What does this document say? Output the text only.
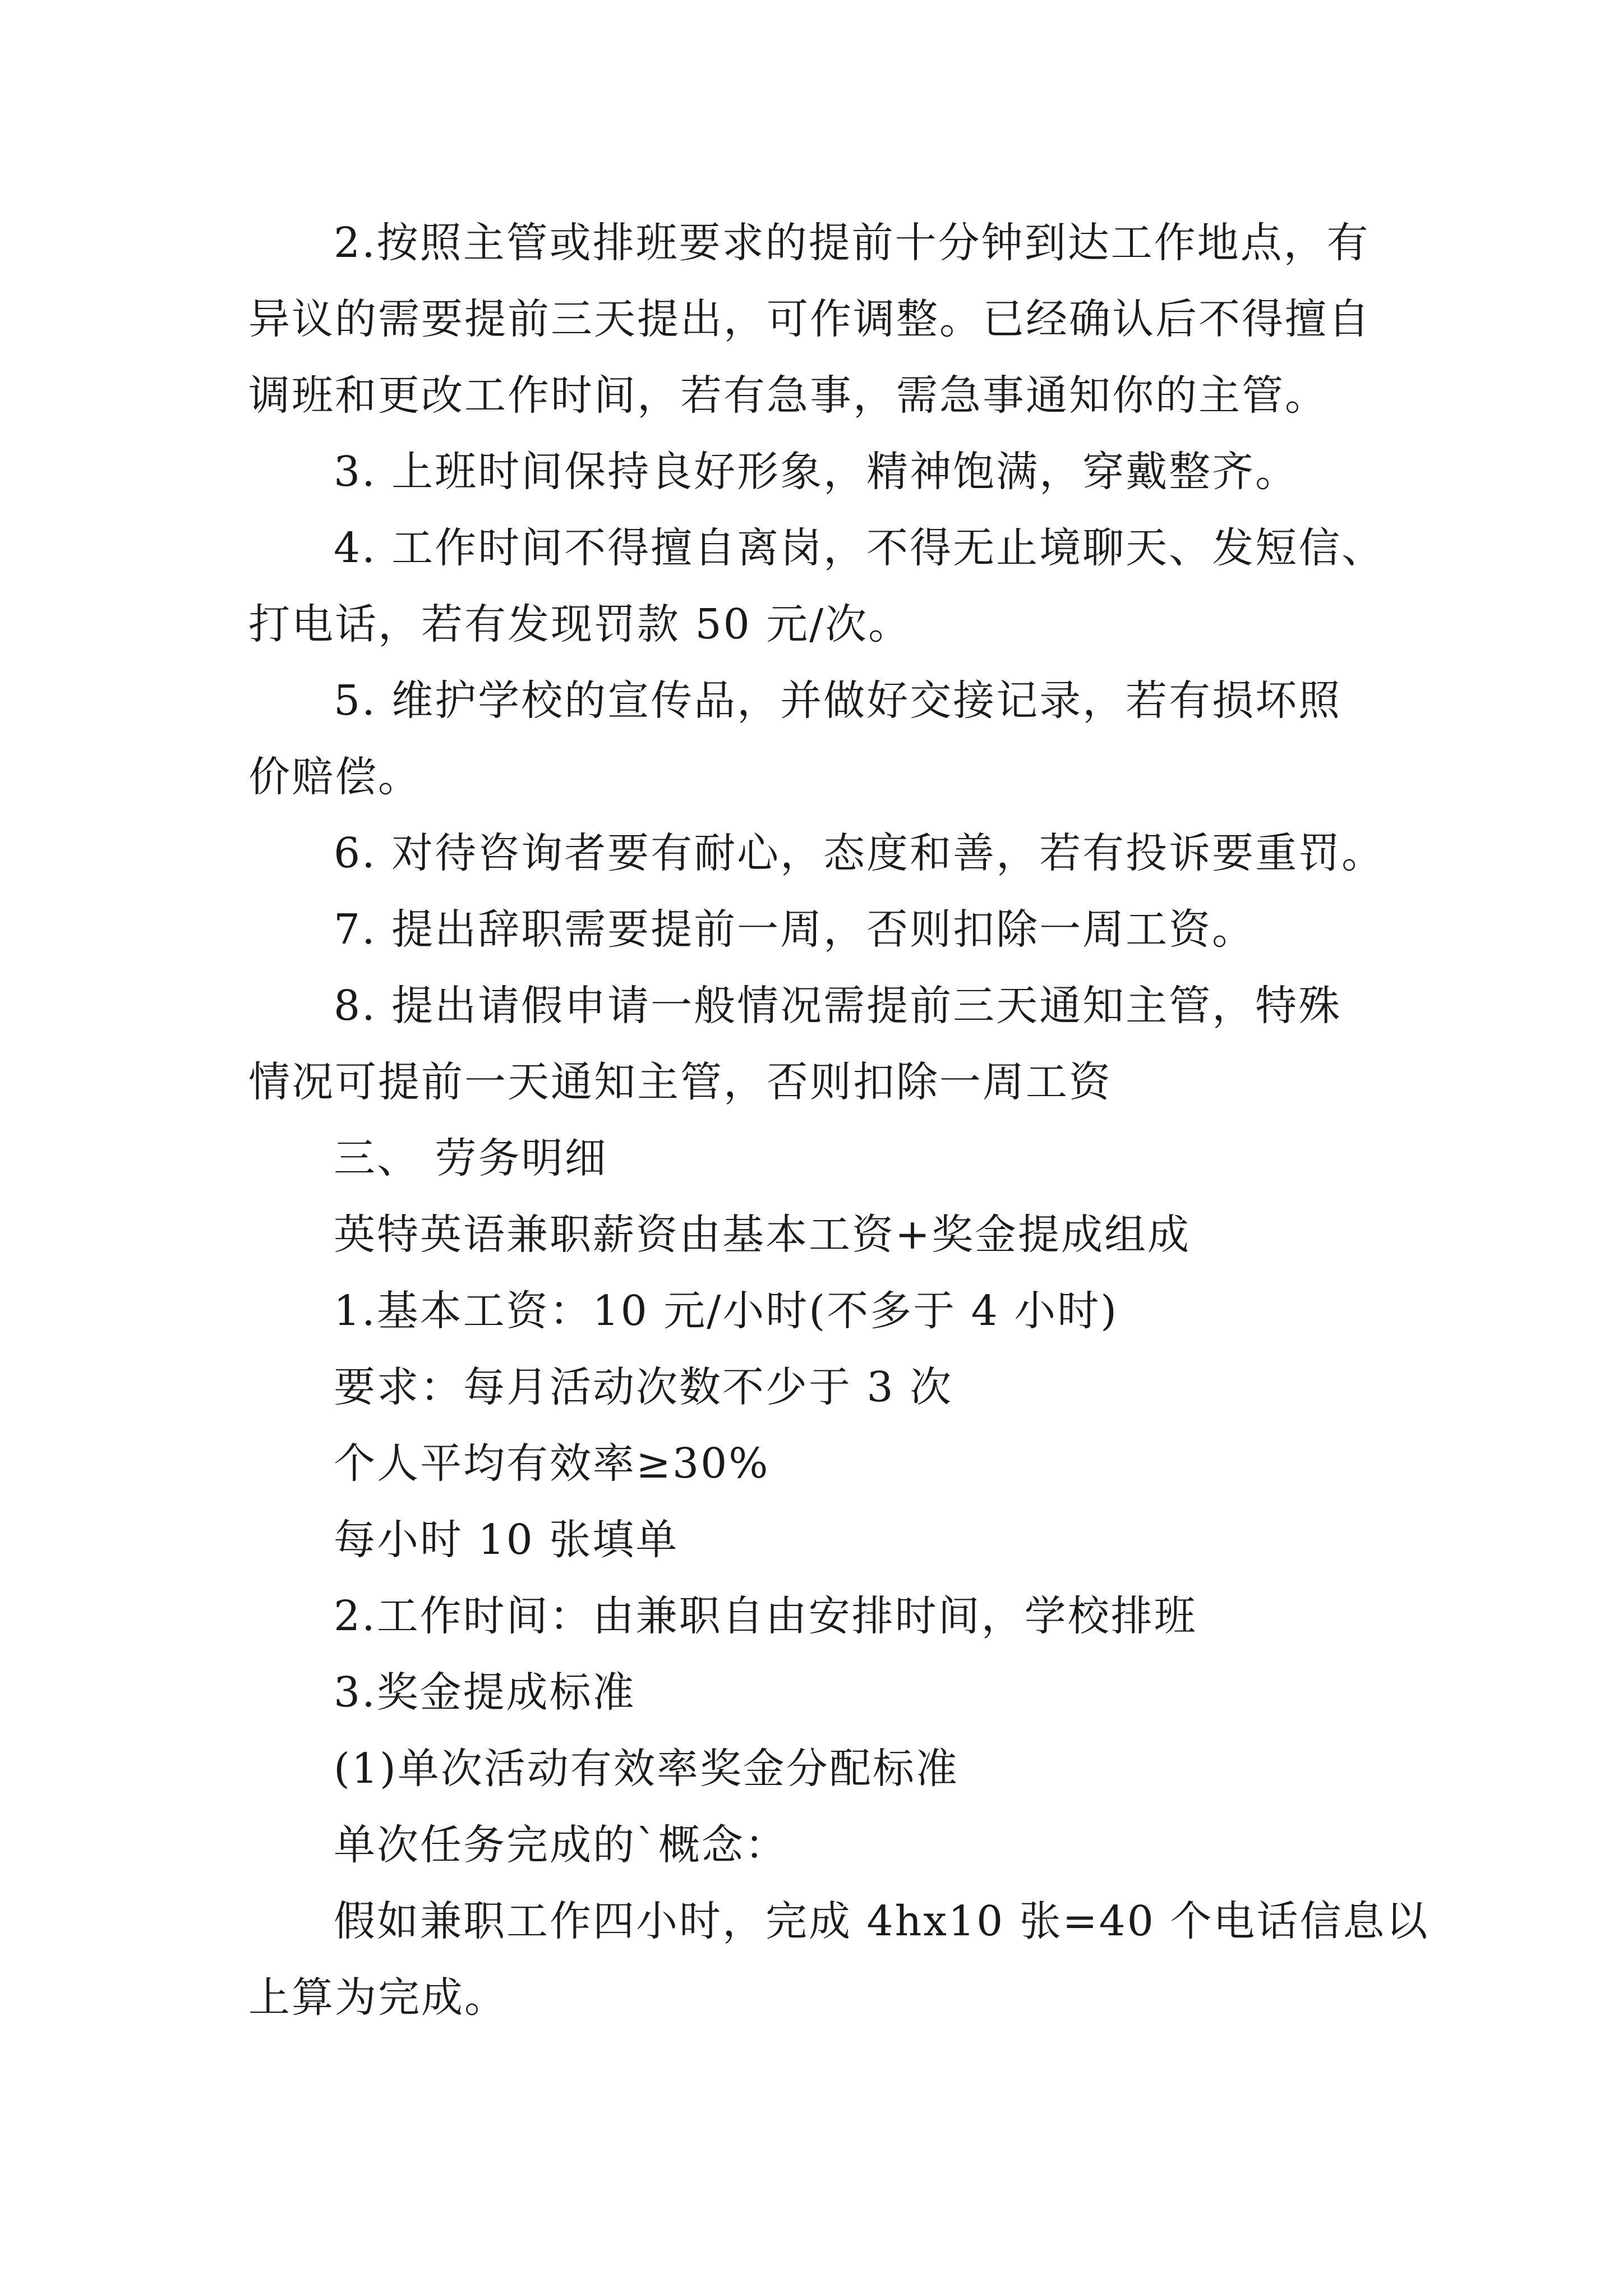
2.按照主管或排班要求的提前十分钟到达工作地点，有
异议的需要提前三天提出，可作调整。已经确认后不得擅自
调班和更改工作时间，若有急事，需急事通知你的主管。
3. 上班时间保持良好形象，精神饱满，穿戴整齐。
4. 工作时间不得擅自离岗，不得无止境聊天、发短信、
打电话，若有发现罚款 50 元/次。
5. 维护学校的宣传品，并做好交接记录，若有损坏照
价赔偿。
6. 对待咨询者要有耐心，态度和善，若有投诉要重罚。
7. 提出辞职需要提前一周，否则扣除一周工资。
8. 提出请假申请一般情况需提前三天通知主管，特殊
情况可提前一天通知主管，否则扣除一周工资
三、 劳务明细
英特英语兼职薪资由基本工资+奖金提成组成
1.基本工资：10 元/小时(不多于 4 小时)
要求：每月活动次数不少于 3 次
个人平均有效率≥30%
每小时 10 张填单
2.工作时间：由兼职自由安排时间，学校排班
3.奖金提成标准
(1)单次活动有效率奖金分配标准
单次任务完成的`概念：
假如兼职工作四小时，完成 4hx10 张=40 个电话信息以
上算为完成。
